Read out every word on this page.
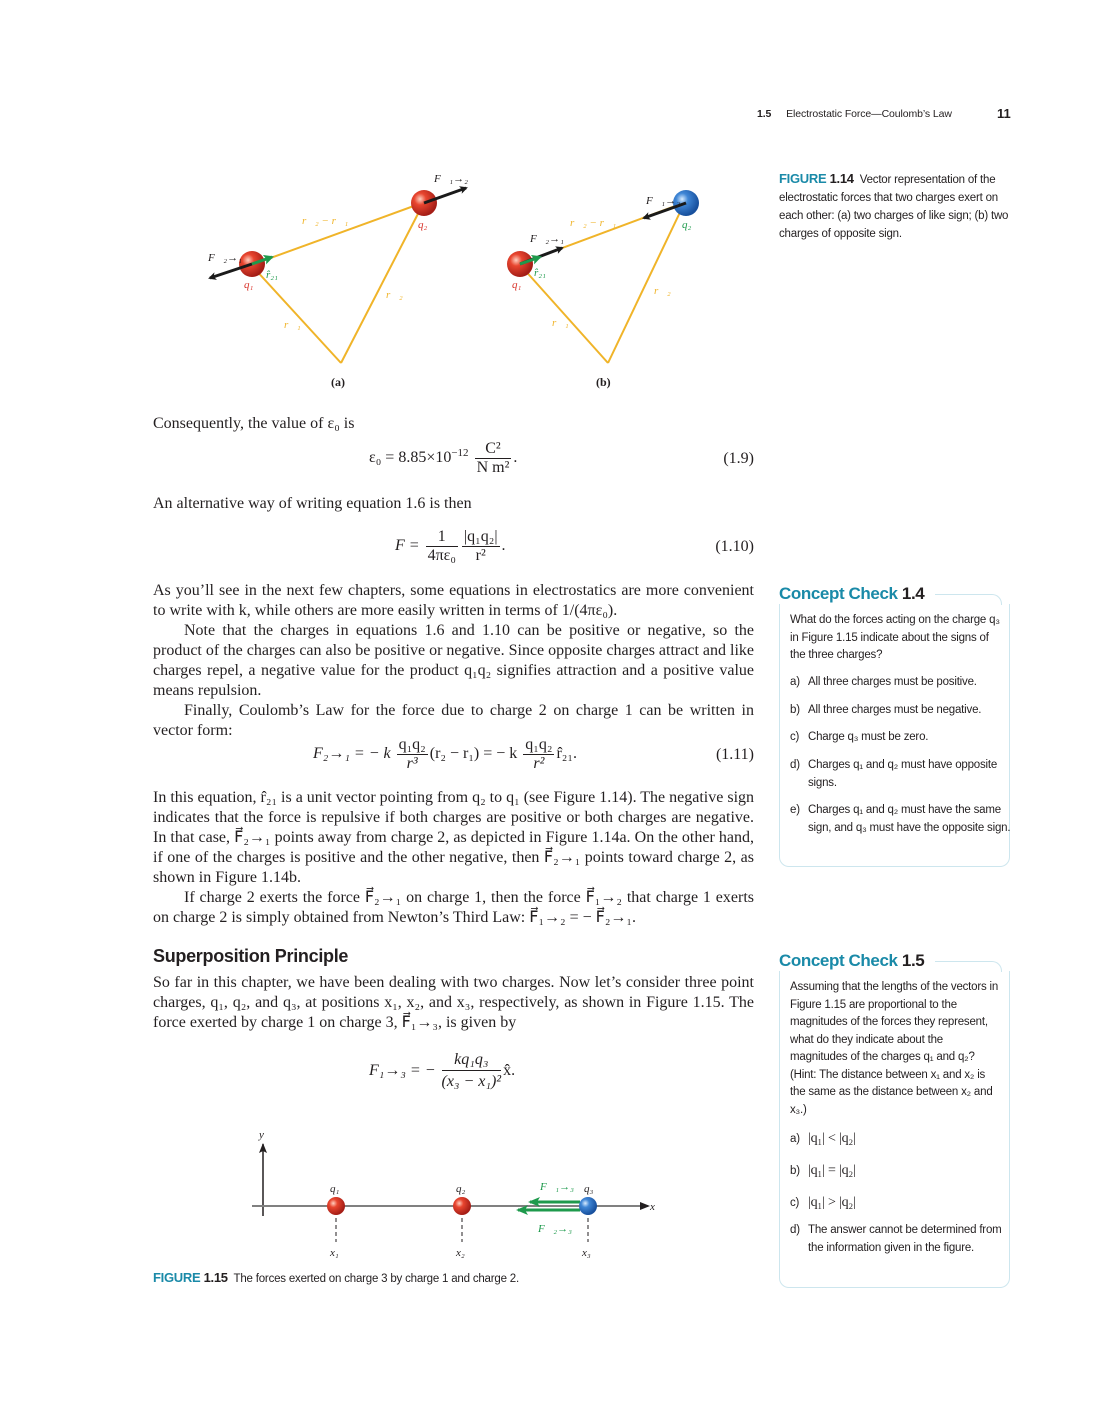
1.5 Electrostatic Force—Coulomb’s Law	11
F⃗₁→₂
F⃗₂→₁
r⃗₂ − r⃗₁
r̂₂₁
q₁
q₂
r⃗₁
r⃗₂
(a)
F⃗₁→₂
F⃗₂→₁
r⃗₂ − r⃗₁
r̂₂₁
q₁
q₂
r⃗₁
r⃗₂
(b)
FIGURE 1.14 Vector representation of the electrostatic forces that two charges exert on each other: (a) two charges of like sign; (b) two charges of opposite sign.
Consequently, the value of ε₀ is
$\varepsilon_0 = 8.85\times 10^{-12} \frac{\text{C²}}{\text{N m²}}$ .	(1.9)
An alternative way of writing equation 1.6 is then
$F = \frac{1}{\text{4πε₀}} \frac{\text{|q₁q₂|}}{\text{r²}}$ .	(1.10)

As you’ll see in the next few chapters, some equations in electrostatics are more convenient to write with k, while others are more easily written in terms of 1/(4πε₀).

Note that the charges in equations 1.6 and 1.10 can be positive or negative, so the product of the charges can also be positive or negative. Since opposite charges attract and like charges repel, a negative value for the product q₁q₂ signifies attraction and a positive value means repulsion.

Finally, Coulomb’s Law for the force due to charge 2 on charge 1 can be written in vector form:

F₂→₁ = − k $\frac{\text{q₁q₂}}{\text{r³}} (r_2 - r_1)$ = − k $\frac{\text{q₁q₂}}{\text{r²}}$ r̂₂₁.	(1.11)

In this equation, r̂₂₁ is a unit vector pointing from q₂ to q₁ (see Figure 1.14). The negative sign indicates that the force is repulsive if both charges are positive or both charges are negative. In that case, F⃗₂→₁ points away from charge 2, as depicted in Figure 1.14a. On the other hand, if one of the charges is positive and the other negative, then F⃗₂→₁ points toward charge 2, as shown in Figure 1.14b.

If charge 2 exerts the force F⃗₂→₁ on charge 1, then the force F⃗₁→₂ that charge 1 exerts on charge 2 is simply obtained from Newton’s Third Law: F⃗₁→₂ = − F⃗₂→₁.

Superposition Principle
So far in this chapter, we have been dealing with two charges. Now let’s consider three point charges, q₁, q₂, and q₃, at positions x₁, x₂, and x₃, respectively, as shown in Figure 1.15. The force exerted by charge 1 on charge 3, F⃗₁→₃, is given by
F₁→₃ = − $\frac{\text{kq₁q₃}}{\text{(x₃ − x₁)²}}$ x̂.
y
x
q₁	q₂	q₃
x₁	x₂	x₃
F⃗₁→₃
F⃗₂→₃
FIGURE 1.15 The forces exerted on charge 3 by charge 1 and charge 2.
Concept Check 1.4
What do the forces acting on the charge q₃ in Figure 1.15 indicate about the signs of the three charges?
a) All three charges must be positive.
b) All three charges must be negative.
c) Charge q₃ must be zero.
d) Charges q₁ and q₂ must have opposite signs.
e) Charges q₁ and q₂ must have the same sign, and q₃ must have the opposite sign.
Concept Check 1.5
Assuming that the lengths of the vectors in Figure 1.15 are proportional to the magnitudes of the forces they represent, what do they indicate about the magnitudes of the charges q₁ and q₂? (Hint: The distance between x₁ and x₂ is the same as the distance between x₂ and x₃.)
a) |q₁| < |q₂|
b) |q₁| = |q₂|
c) |q₁| > |q₂|
d) The answer cannot be determined from the information given in the figure.
